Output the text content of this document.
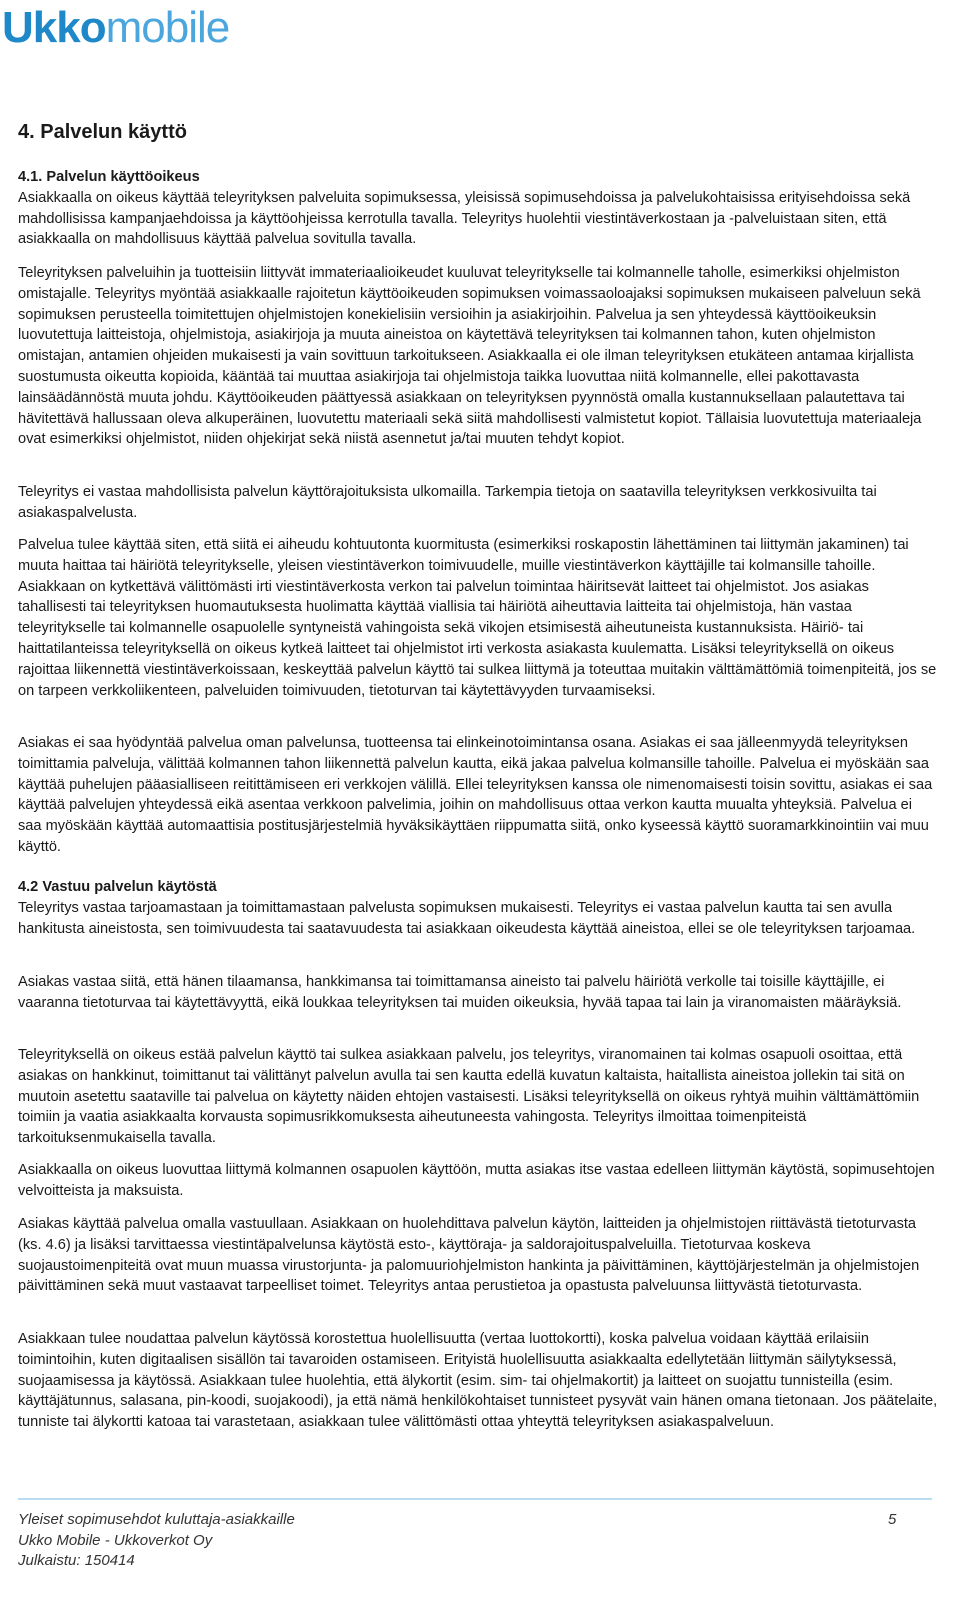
Ukko mobile
4. Palvelun käyttö
4.1. Palvelun käyttöoikeus
Asiakkaalla on oikeus käyttää teleyrityksen palveluita sopimuksessa, yleisissä sopimusehdoissa ja palvelukohtaisissa erityisehdoissa sekä mahdollisissa kampanjaehdoissa ja käyttöohjeissa kerrotulla tavalla. Teleyritys huolehtii viestintäverkostaan ja -palveluistaan siten, että asiakkaalla on mahdollisuus käyttää palvelua sovitulla tavalla.

Teleyrityksen palveluihin ja tuotteisiin liittyvät immateriaalioikeudet kuuluvat teleyritykselle tai kolmannelle taholle, esimerkiksi ohjelmiston omistajalle. Teleyritys myöntää asiakkaalle rajoitetun käyttöoikeuden sopimuksen voimassaoloajaksi sopimuksen mukaiseen palveluun sekä sopimuksen perusteella toimitettujen ohjelmistojen konekielisiin versioihin ja asiakirjoihin. Palvelua ja sen yhteydessä käyttöoikeuksin luovutettuja laitteistoja, ohjelmistoja, asiakirjoja ja muuta aineistoa on käytettävä teleyrityksen tai kolmannen tahon, kuten ohjelmiston omistajan, antamien ohjeiden mukaisesti ja vain sovittuun tarkoitukseen. Asiakkaalla ei ole ilman teleyrityksen etukäteen antamaa kirjallista suostumusta oikeutta kopioida, kääntää tai muuttaa asiakirjoja tai ohjelmistoja taikka luovuttaa niitä kolmannelle, ellei pakottavasta lainsäädännöstä muuta johdu. Käyttöoikeuden päättyessä asiakkaan on teleyrityksen pyynnöstä omalla kustannuksellaan palautettava tai hävitettävä hallussaan oleva alkuperäinen, luovutettu materiaali sekä siitä mahdollisesti valmistetut kopiot. Tällaisia luovutettuja materiaaleja ovat esimerkiksi ohjelmistot, niiden ohjekirjat sekä niistä asennetut ja/tai muuten tehdyt kopiot.

Teleyritys ei vastaa mahdollisista palvelun käyttörajoituksista ulkomailla. Tarkempia tietoja on saatavilla teleyrityksen verkkosivuilta tai asiakaspalvelusta.

Palvelua tulee käyttää siten, että siitä ei aiheudu kohtuutonta kuormitusta (esimerkiksi roskapostin lähettäminen tai liittymän jakaminen) tai muuta haittaa tai häiriötä teleyritykselle, yleisen viestintäverkon toimivuudelle, muille viestintäverkon käyttäjille tai kolmansille tahoille. Asiakkaan on kytkettävä välittömästi irti viestintäverkosta verkon tai palvelun toimintaa häiritsevät laitteet tai ohjelmistot. Jos asiakas tahallisesti tai teleyrityksen huomautuksesta huolimatta käyttää viallisia tai häiriötä aiheuttavia laitteita tai ohjelmistoja, hän vastaa teleyritykselle tai kolmannelle osapuolelle syntyneistä vahingoista sekä vikojen etsimisestä aiheutuneista kustannuksista. Häiriö- tai haittatilanteissa teleyrityksellä on oikeus kytkeä laitteet tai ohjelmistot irti verkosta asiakasta kuulematta. Lisäksi teleyrityksellä on oikeus rajoittaa liikennettä viestintäverkoissaan, keskeyttää palvelun käyttö tai sulkea liittymä ja toteuttaa muitakin välttämättömiä toimenpiteitä, jos se on tarpeen verkkoliikenteen, palveluiden toimivuuden, tietoturvan tai käytettävyyden turvaamiseksi.

Asiakas ei saa hyödyntää palvelua oman palvelunsa, tuotteensa tai elinkeinotoimintansa osana. Asiakas ei saa jälleenmyydä teleyrityksen toimittamia palveluja, välittää kolmannen tahon liikennettä palvelun kautta, eikä jakaa palvelua kolmansille tahoille. Palvelua ei myöskään saa käyttää puhelujen pääasialliseen reitittämiseen eri verkkojen välillä. Ellei teleyrityksen kanssa ole nimenomaisesti toisin sovittu, asiakas ei saa käyttää palvelujen yhteydessä eikä asentaa verkkoon palvelimia, joihin on mahdollisuus ottaa verkon kautta muualta yhteyksiä. Palvelua ei saa myöskään käyttää automaattisia postitusjärjestelmiä hyväksikäyttäen riippumatta siitä, onko kyseessä käyttö suoramarkkinointiin vai muu käyttö.

4.2 Vastuu palvelun käytöstä
Teleyritys vastaa tarjoamastaan ja toimittamastaan palvelusta sopimuksen mukaisesti. Teleyritys ei vastaa palvelun kautta tai sen avulla hankitusta aineistosta, sen toimivuudesta tai saatavuudesta tai asiakkaan oikeudesta käyttää aineistoa, ellei se ole teleyrityksen tarjoamaa.

Asiakas vastaa siitä, että hänen tilaamansa, hankkimansa tai toimittamansa aineisto tai palvelu häiriötä verkolle tai toisille käyttäjille, ei vaaranna tietoturvaa tai käytettävyyttä, eikä loukkaa teleyrityksen tai muiden oikeuksia, hyvää tapaa tai lain ja viranomaisten määräyksiä.

Teleyrityksellä on oikeus estää palvelun käyttö tai sulkea asiakkaan palvelu, jos teleyritys, viranomainen tai kolmas osapuoli osoittaa, että asiakas on hankkinut, toimittanut tai välittänyt palvelun avulla tai sen kautta edellä kuvatun kaltaista, haitallista aineistoa jollekin tai sitä on muutoin asetettu saataville tai palvelua on käytetty näiden ehtojen vastaisesti. Lisäksi teleyrityksellä on oikeus ryhtyä muihin välttämättömiin toimiin ja vaatia asiakkaalta korvausta sopimusrikkomuksesta aiheutuneesta vahingosta. Teleyritys ilmoittaa toimenpiteistä tarkoituksenmukaisella tavalla.

Asiakkaalla on oikeus luovuttaa liittymä kolmannen osapuolen käyttöön, mutta asiakas itse vastaa edelleen liittymän käytöstä, sopimusehtojen velvoitteista ja maksuista.

Asiakas käyttää palvelua omalla vastuullaan. Asiakkaan on huolehdittava palvelun käytön, laitteiden ja ohjelmistojen riittävästä tietoturvasta (ks. 4.6) ja lisäksi tarvittaessa viestintäpalvelunsa käytöstä esto-, käyttöraja- ja saldorajoituspalveluilla. Tietoturvaa koskeva suojaustoimenpiteitä ovat muun muassa virustorjunta- ja palomuuriohjelmiston hankinta ja päivittäminen, käyttöjärjestelmän ja ohjelmistojen päivittäminen sekä muut vastaavat tarpeelliset toimet. Teleyritys antaa perustietoa ja opastusta palveluunsa liittyvästä tietoturvasta.

Asiakkaan tulee noudattaa palvelun käytössä korostettua huolellisuutta (vertaa luottokortti), koska palvelua voidaan käyttää erilaisiin toimintoihin, kuten digitaalisen sisällön tai tavaroiden ostamiseen. Erityistä huolellisuutta asiakkaalta edellytetään liittymän säilytyksessä, suojaamisessa ja käytössä. Asiakkaan tulee huolehtia, että älykortit (esim. sim- tai ohjelmakortit) ja laitteet on suojattu tunnisteilla (esim. käyttäjätunnus, salasana, pin-koodi, suojakoodi), ja että nämä henkilökohtaiset tunnisteet pysyvät vain hänen omana tietonaan. Jos päätelaite, tunniste tai älykortti katoaa tai varastetaan, asiakkaan tulee välittömästi ottaa yhteyttä teleyrityksen asiakaspalveluun.

Yleiset sopimusehdot kuluttaja-asiakkaille
Ukko Mobile - Ukkoverkot Oy
Julkaistu: 150414
5
